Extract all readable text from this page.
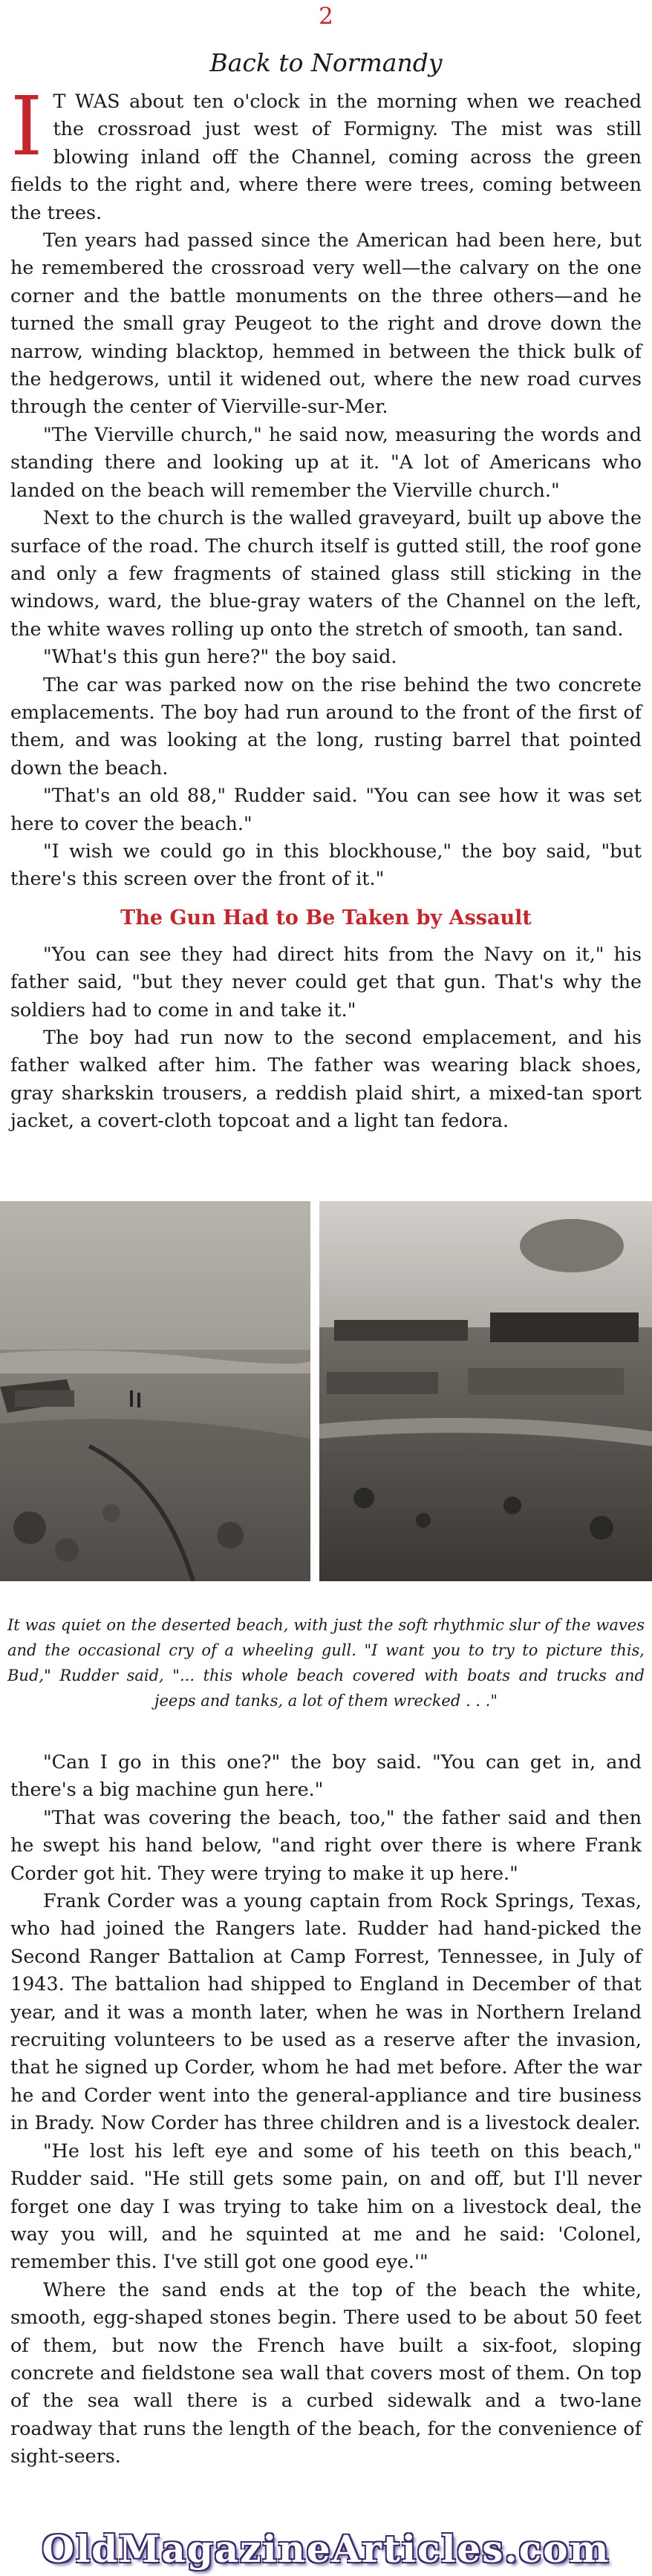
2
Back to Normandy

I T WAS about ten o'clock in the morning when we reached the crossroad just west of Formigny. The mist was still blowing inland off the Channel, coming across the green fields to the right and, where there were trees, coming between the trees.

Ten years had passed since the American had been here, but he remembered the crossroad very well—the calvary on the one corner and the battle monuments on the three others—and he turned the small gray Peugeot to the right and drove down the narrow, winding blacktop, hemmed in between the thick bulk of the hedgerows, until it widened out, where the new road curves through the center of Vierville-sur-Mer.

"The Vierville church," he said now, measuring the words and standing there and looking up at it. "A lot of Americans who landed on the beach will remember the Vierville church."

Next to the church is the walled graveyard, built up above the surface of the road. The church itself is gutted still, the roof gone and only a few fragments of stained glass still sticking in the windows, ward, the blue-gray waters of the Channel on the left, the white waves rolling up onto the stretch of smooth, tan sand.

"What's this gun here?" the boy said.

The car was parked now on the rise behind the two concrete emplacements. The boy had run around to the front of the first of them, and was looking at the long, rusting barrel that pointed down the beach.

"That's an old 88," Rudder said. "You can see how it was set here to cover the beach."

"I wish we could go in this blockhouse," the boy said, "but there's this screen over the front of it."

The Gun Had to Be Taken by Assault

"You can see they had direct hits from the Navy on it," his father said, "but they never could get that gun. That's why the soldiers had to come in and take it."

The boy had run now to the second emplacement, and his father walked after him. The father was wearing black shoes, gray sharkskin trousers, a reddish plaid shirt, a mixed-tan sport jacket, a covert-cloth topcoat and a light tan fedora.

It was quiet on the deserted beach, with just the soft rhythmic slur of the waves and the occasional cry of a wheeling gull. "I want you to try to picture this, Bud," Rudder said, "... this whole beach covered with boats and trucks and jeeps and tanks, a lot of them wrecked . . ."

"Can I go in this one?" the boy said. "You can get in, and there's a big machine gun here."

"That was covering the beach, too," the father said and then he swept his hand below, "and right over there is where Frank Corder got hit. They were trying to make it up here."

Frank Corder was a young captain from Rock Springs, Texas, who had joined the Rangers late. Rudder had hand-picked the Second Ranger Battalion at Camp Forrest, Tennessee, in July of 1943. The battalion had shipped to England in December of that year, and it was a month later, when he was in Northern Ireland recruiting volunteers to be used as a reserve after the invasion, that he signed up Corder, whom he had met before. After the war he and Corder went into the general-appliance and tire business in Brady. Now Corder has three children and is a livestock dealer.

"He lost his left eye and some of his teeth on this beach," Rudder said. "He still gets some pain, on and off, but I'll never forget one day I was trying to take him on a livestock deal, the way you will, and he squinted at me and he said: 'Colonel, remember this. I've still got one good eye.'"

Where the sand ends at the top of the beach the white, smooth, egg-shaped stones begin. There used to be about 50 feet of them, but now the French have built a six-foot, sloping concrete and fieldstone sea wall that covers most of them. On top of the sea wall there is a curbed sidewalk and a two-lane roadway that runs the length of the beach, for the convenience of sight-seers.

OldMagazineArticles.com
